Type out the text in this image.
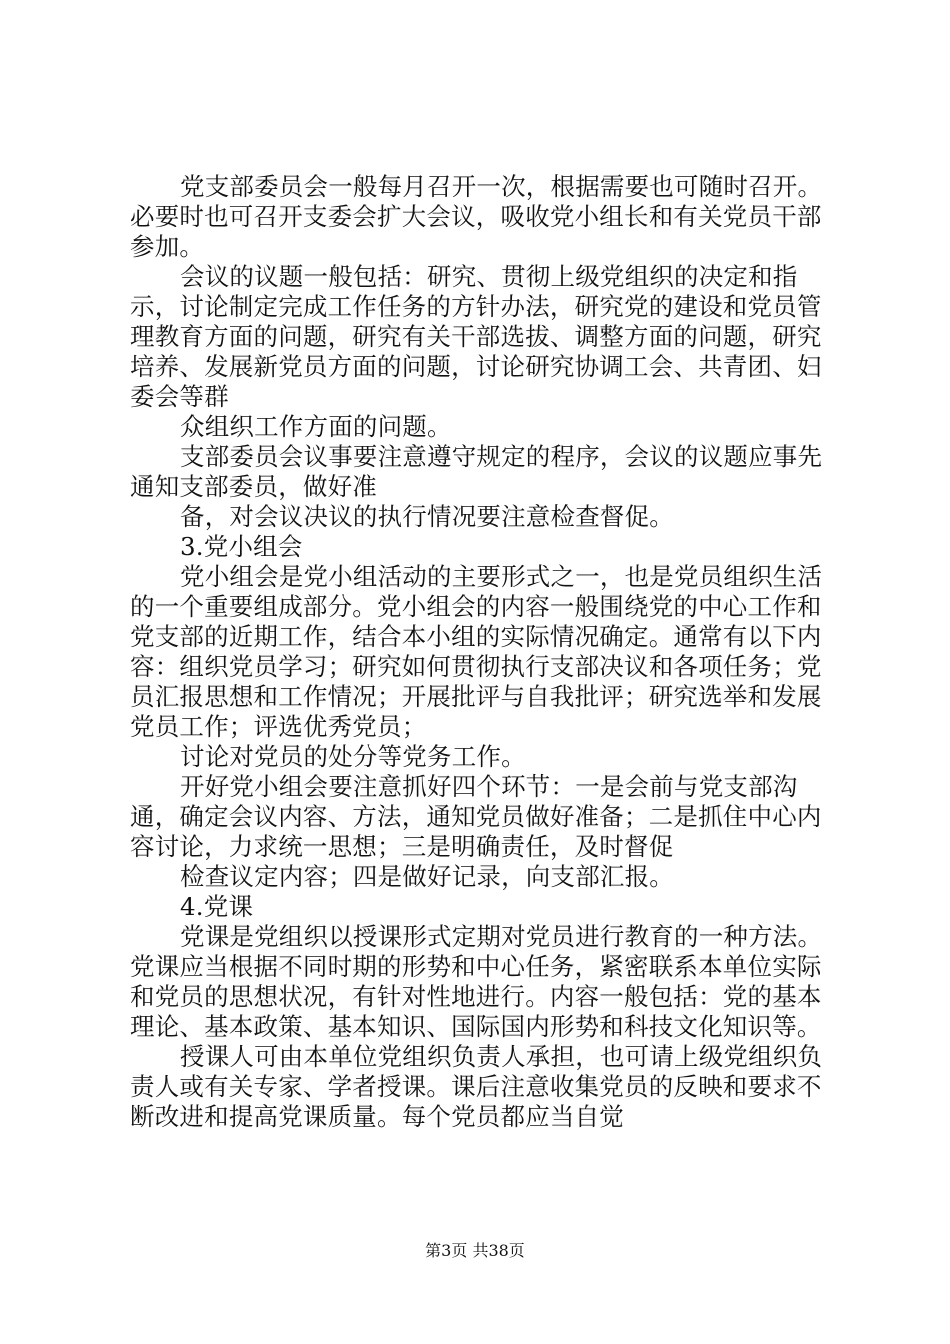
党支部委员会一般每月召开一次，根据需要也可随时召开。必要时也可召开支委会扩大会议，吸收党小组长和有关党员干部参加。

会议的议题一般包括：研究、贯彻上级党组织的决定和指示，讨论制定完成工作任务的方针办法，研究党的建设和党员管理教育方面的问题，研究有关干部选拔、调整方面的问题，研究培养、发展新党员方面的问题，讨论研究协调工会、共青团、妇委会等群

众组织工作方面的问题。

支部委员会议事要注意遵守规定的程序，会议的议题应事先通知支部委员，做好准

备，对会议决议的执行情况要注意检查督促。

3.党小组会

党小组会是党小组活动的主要形式之一，也是党员组织生活的一个重要组成部分。党小组会的内容一般围绕党的中心工作和党支部的近期工作，结合本小组的实际情况确定。通常有以下内容：组织党员学习；研究如何贯彻执行支部决议和各项任务；党员汇报思想和工作情况；开展批评与自我批评；研究选举和发展党员工作；评选优秀党员；

讨论对党员的处分等党务工作。

开好党小组会要注意抓好四个环节：一是会前与党支部沟通，确定会议内容、方法，通知党员做好准备；二是抓住中心内容讨论，力求统一思想；三是明确责任，及时督促

检查议定内容；四是做好记录，向支部汇报。

4.党课

党课是党组织以授课形式定期对党员进行教育的一种方法。党课应当根据不同时期的形势和中心任务，紧密联系本单位实际和党员的思想状况，有针对性地进行。内容一般包括：党的基本理论、基本政策、基本知识、国际国内形势和科技文化知识等。

授课人可由本单位党组织负责人承担，也可请上级党组织负责人或有关专家、学者授课。课后注意收集党员的反映和要求不断改进和提高党课质量。每个党员都应当自觉

第3页 共38页
